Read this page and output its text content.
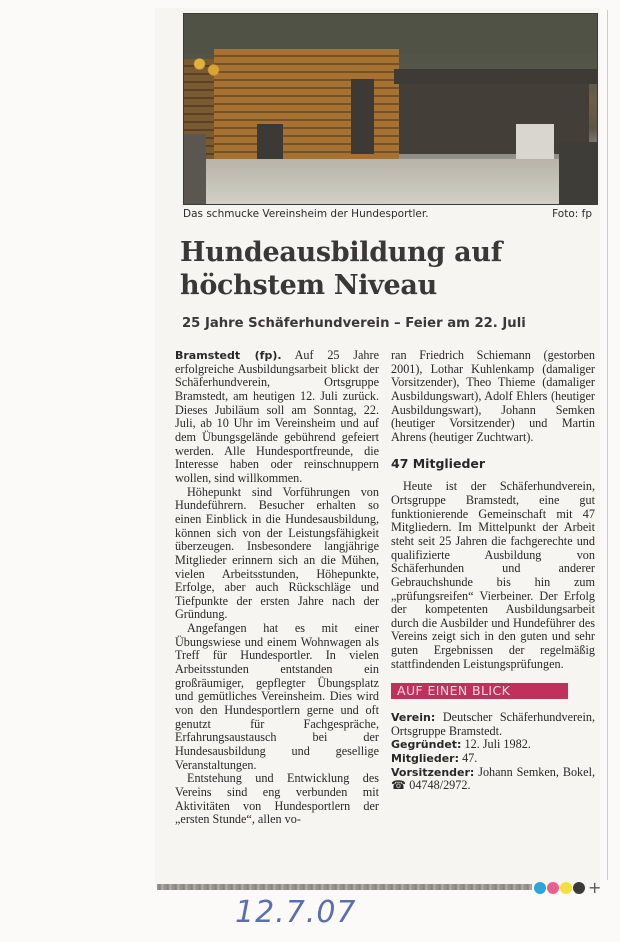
Das schmucke Vereinsheim der Hundesportler.	Foto: fp
Hundeausbildung auf
höchstem Niveau
25 Jahre Schäferhundverein – Feier am 22. Juli

Bramstedt (fp). Auf 25 Jahre erfolgreiche Ausbildungsarbeit blickt der Schäferhundverein, Ortsgruppe Bramstedt, am heutigen 12. Juli zurück. Dieses Jubiläum soll am Sonntag, 22. Juli, ab 10 Uhr im Vereinsheim und auf dem Übungsgelände gebührend gefeiert werden. Alle Hundesportfreunde, die Interesse haben oder reinschnuppern wollen, sind willkommen.

Höhepunkt sind Vorführungen von Hundeführern. Besucher erhalten so einen Einblick in die Hundesausbildung, können sich von der Leistungsfähigkeit überzeugen. Insbesondere langjährige Mitglieder erinnern sich an die Mühen, vielen Arbeitsstunden, Höhepunkte, Erfolge, aber auch Rückschläge und Tiefpunkte der ersten Jahre nach der Gründung.

Angefangen hat es mit einer Übungswiese und einem Wohnwagen als Treff für Hundesportler. In vielen Arbeitsstunden entstanden ein großräumiger, gepflegter Übungsplatz und gemütliches Vereinsheim. Dies wird von den Hundesportlern gerne und oft genutzt für Fachgespräche, Erfahrungsaustausch bei der Hundesausbildung und gesellige Veranstaltungen.

Entstehung und Entwicklung des Vereins sind eng verbunden mit Aktivitäten von Hundesportlern der „ersten Stunde“, allen vo-

ran Friedrich Schiemann (gestorben 2001), Lothar Kuhlenkamp (damaliger Vorsitzender), Theo Thieme (damaliger Ausbildungswart), Adolf Ehlers (heutiger Ausbildungswart), Johann Semken (heutiger Vorsitzender) und Martin Ahrens (heutiger Zuchtwart).

47 Mitglieder

Heute ist der Schäferhundverein, Ortsgruppe Bramstedt, eine gut funktionierende Gemeinschaft mit 47 Mitgliedern. Im Mittelpunkt der Arbeit steht seit 25 Jahren die fachgerechte und qualifizierte Ausbildung von Schäferhunden und anderer Gebrauchshunde bis hin zum „prüfungsreifen“ Vierbeiner. Der Erfolg der kompetenten Ausbildungsarbeit durch die Ausbilder und Hundeführer des Vereins zeigt sich in den guten und sehr guten Ergebnissen der regelmäßig stattfindenden Leistungsprüfungen.

AUF EINEN BLICK

Verein: Deutscher Schäferhundverein, Ortsgruppe Bramstedt.

Gegründet: 12. Juli 1982.

Mitglieder: 47.

Vorsitzender: Johann Semken, Bokel, ☎ 04748/2972.

+
12.7.07
